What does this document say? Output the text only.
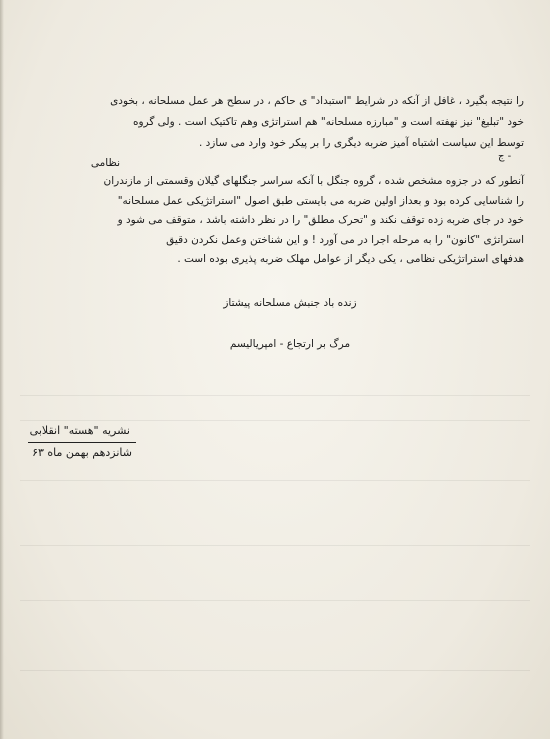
را نتیجه بگیرد ، غافل از آنکه در شرایط "استبداد" ی حاکم ، در سطح هر عمل مسلحانه ، بخودی
خود "تبلیغ" نیز نهفته است و "مبارزه مسلحانه" هم استراتژی وهم تاکتیک است . ولی گروه
توسط این سیاست اشتباه آمیز ضربه دیگری را بر پیکر خود وارد می سازد .
ج -
نظامی
آنطور که در جزوه مشخص شده ، گروه جنگل با آنکه سراسر جنگلهای گیلان وقسمتی از مازندران
را شناسایی کرده بود و بعداز اولین ضربه می بایستی طبق اصول "استراتژیکی عمل مسلحانه"
خود در جای ضربه زده توقف نکند و "تحرک مطلق" را در نظر داشته باشد ، متوقف می شود و
استراتژی "کانون" را به مرحله اجرا در می آورد ! و این شناختن وعمل نکردن دقیق
هدفهای استراتژیکی نظامی ، یکی دیگر از عوامل مهلک ضربه پذیری بوده است .
زنده باد جنبش مسلحانه پیشتاز
مرگ بر ارتجاع - امپریالیسم
نشریه "هسته" انقلابی
شانزدهم بهمن ماه ۶۳
